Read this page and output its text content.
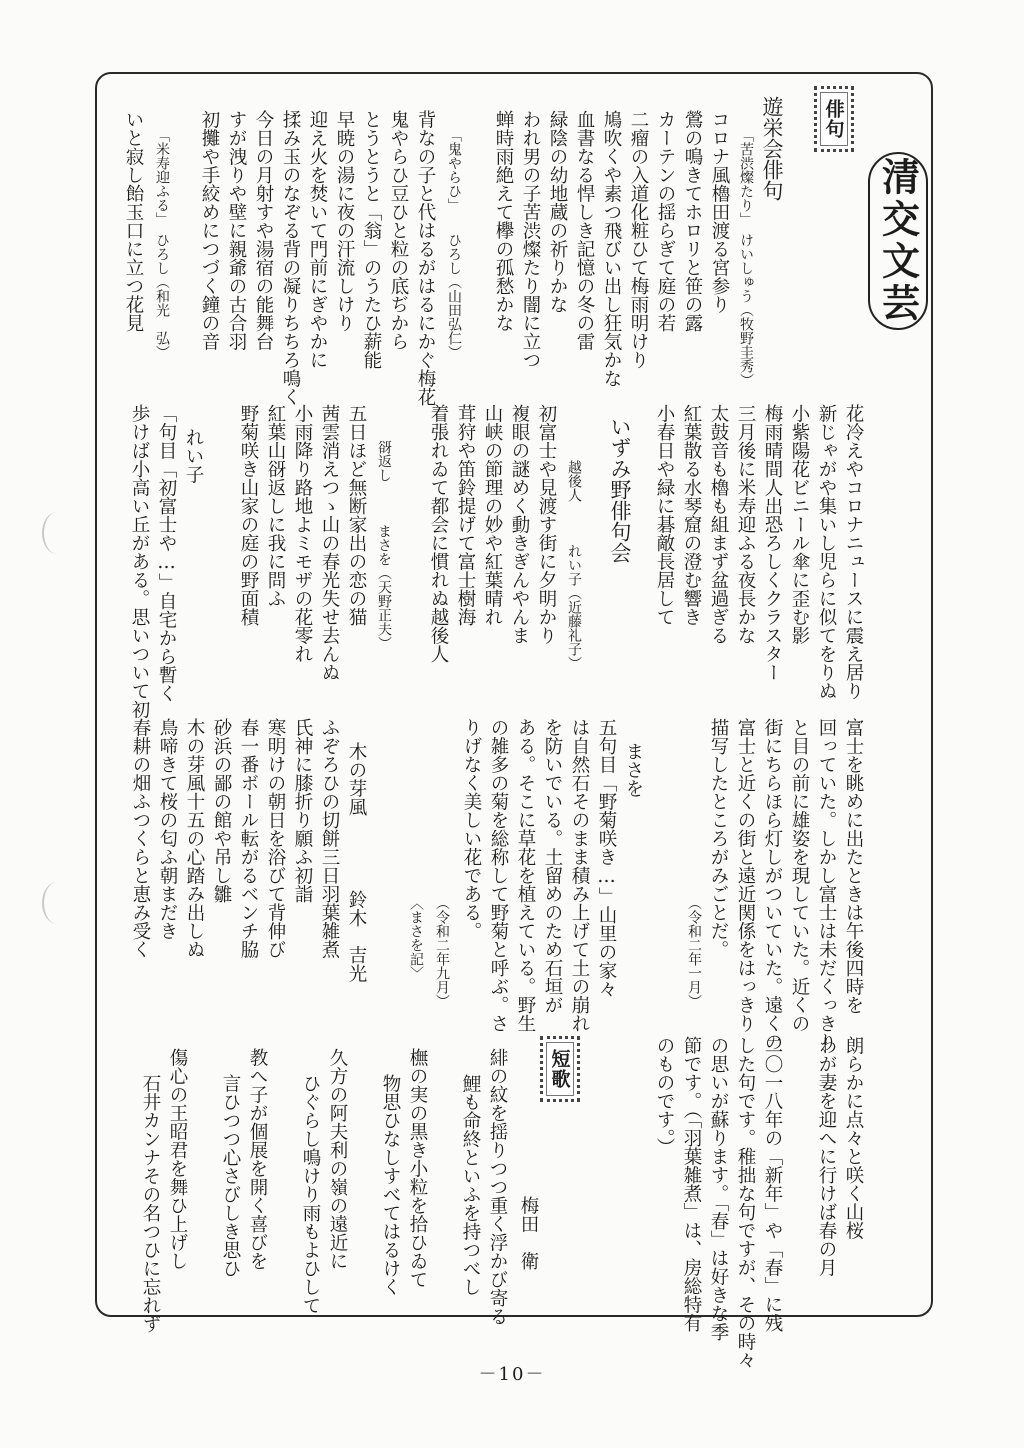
清交文芸
俳句
短歌

遊栄会俳句

「苦渋燦たり」　けいしゅう（牧野圭秀）

コロナ風櫓田渡る宮参り

鶯の鳴きてホロリと笹の露

カーテンの揺らぎて庭の若

二瘤の入道化粧ひて梅雨明けり

鳩吹くや素つ飛びい出し狂気かな

血書なる悍しき記憶の冬の雷

緑陰の幼地蔵の祈りかな

われ男の子苦渋燦たり闇に立つ

蝉時雨絶えて欅の孤愁かな

「鬼やらひ」　　ひろし（山田弘仁）

背なの子と代はるがはるにかぐ梅花

鬼やらひ豆ひと粒の底ぢから

とうとうと「翁」のうたひ薪能

早暁の湯に夜の汗流しけり

迎え火を焚いて門前にぎやかに

揉み玉のなぞる背の凝りちちろ鳴く

今日の月射すや湯宿の能舞台

すが洩りや壁に親爺の古合羽

初攤や手絞めにつづく鐘の音

「米寿迎ふる」　ひろし（和光　弘）

いと寂し飴玉口に立つ花見

花冷えやコロナニュースに震え居り

新じゃがや集いし児らに似てをりぬ

小紫陽花ビニール傘に歪む影

梅雨晴間人出恐ろしくクラスター

三月後に米寿迎ふる夜長かな

太鼓音も櫓も組まず盆過ぎる

紅葉散る水琴窟の澄む響き

小春日や緑に碁敵長居して

いずみ野俳句会

越後人　　　れい子（近藤礼子）

初富士や見渡す街に夕明かり

複眼の謎めく動きぎんやんま

山峡の節理の妙や紅葉晴れ

茸狩や笛鈴提げて富士樹海

着張れゐて都会に慣れぬ越後人

谺返し　　　まさを（天野正夫）

五日ほど無断家出の恋の猫

茜雲消えつゝ山の春光失せ去んぬ

小雨降り路地よミモザの花零れ

紅葉山谺返しに我に問ふ

野菊咲き山家の庭の野面積

れい子

「句目「初富士や…」自宅から暫く

歩けば小高い丘がある。思いついて初

富士を眺めに出たときは午後四時を

回っていた。しかし富士は未だくっきり

と目の前に雄姿を現していた。近くの

街にちらほら灯しがついていた。遠くの

富士と近くの街と遠近関係をはっきり

描写したところがみごとだ。

（令和二年一月）

まさを

五句目「野菊咲き…」山里の家々

は自然石そのまま積み上げて土の崩れ

を防いでいる。土留めのため石垣が

ある。そこに草花を植えている。野生

の雑多の菊を総称して野菊と呼ぶ。さ

りげなく美しい花である。

（令和二年九月）

〈まさを記〉

木の芽風　　　　鈴木　吉光

ふぞろひの切餅三日羽葉雑煮

氏神に膝折り願ふ初詣

寒明けの朝日を浴びて背伸び

春一番ボール転がるベンチ脇

砂浜の鄙の館や吊し雛

木の芽風十五の心踏み出しぬ

鳥啼きて桜の匂ふ朝まだき

春耕の畑ふつくらと恵み受く

朗らかに点々と咲く山桜

わが妻を迎へに行けば春の月

二〇一八年の「新年」や「春」に残

した句です。稚拙な句ですが、その時々

の思いが蘇ります。「春」は好きな季

節です。（「羽葉雑煮」は、房総特有

のものです。）

梅田　衛

緋の紋を揺りつつ重く浮かび寄る

鯉も命終といふを持つべし

橅の実の黒き小粒を拾ひゐて

物思ひなしすべてはるけく

久方の阿夫利の嶺の遠近に

ひぐらし鳴けり雨もよひして

教へ子が個展を開く喜びを

言ひつつ心さびしき思ひ

傷心の王昭君を舞ひ上げし

石井カンナその名つひに忘れず

－10－
